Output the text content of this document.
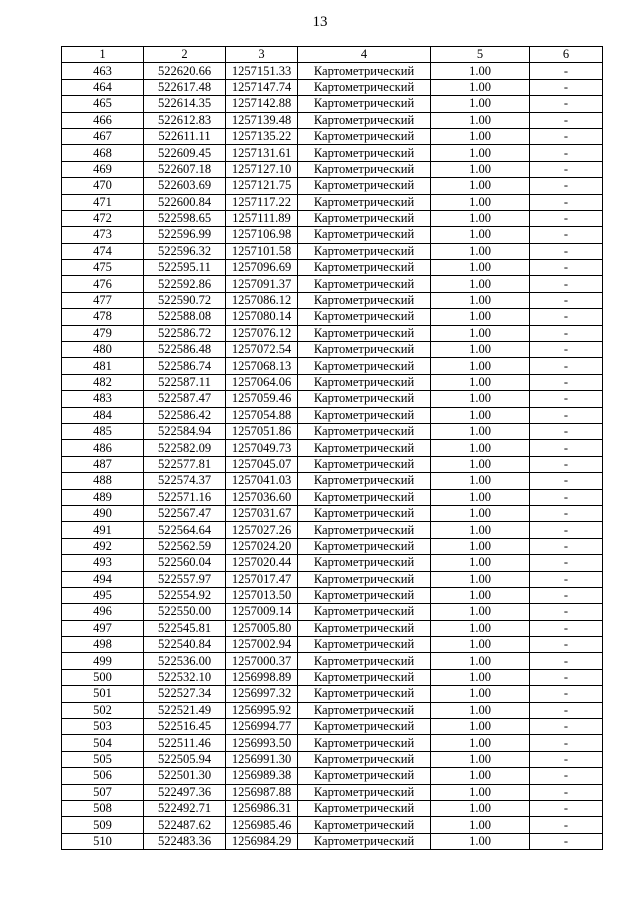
13
1	2	3	4	5	6
463	522620.66	1257151.33	Картометрический	1.00	-
464	522617.48	1257147.74	Картометрический	1.00	-
465	522614.35	1257142.88	Картометрический	1.00	-
466	522612.83	1257139.48	Картометрический	1.00	-
467	522611.11	1257135.22	Картометрический	1.00	-
468	522609.45	1257131.61	Картометрический	1.00	-
469	522607.18	1257127.10	Картометрический	1.00	-
470	522603.69	1257121.75	Картометрический	1.00	-
471	522600.84	1257117.22	Картометрический	1.00	-
472	522598.65	1257111.89	Картометрический	1.00	-
473	522596.99	1257106.98	Картометрический	1.00	-
474	522596.32	1257101.58	Картометрический	1.00	-
475	522595.11	1257096.69	Картометрический	1.00	-
476	522592.86	1257091.37	Картометрический	1.00	-
477	522590.72	1257086.12	Картометрический	1.00	-
478	522588.08	1257080.14	Картометрический	1.00	-
479	522586.72	1257076.12	Картометрический	1.00	-
480	522586.48	1257072.54	Картометрический	1.00	-
481	522586.74	1257068.13	Картометрический	1.00	-
482	522587.11	1257064.06	Картометрический	1.00	-
483	522587.47	1257059.46	Картометрический	1.00	-
484	522586.42	1257054.88	Картометрический	1.00	-
485	522584.94	1257051.86	Картометрический	1.00	-
486	522582.09	1257049.73	Картометрический	1.00	-
487	522577.81	1257045.07	Картометрический	1.00	-
488	522574.37	1257041.03	Картометрический	1.00	-
489	522571.16	1257036.60	Картометрический	1.00	-
490	522567.47	1257031.67	Картометрический	1.00	-
491	522564.64	1257027.26	Картометрический	1.00	-
492	522562.59	1257024.20	Картометрический	1.00	-
493	522560.04	1257020.44	Картометрический	1.00	-
494	522557.97	1257017.47	Картометрический	1.00	-
495	522554.92	1257013.50	Картометрический	1.00	-
496	522550.00	1257009.14	Картометрический	1.00	-
497	522545.81	1257005.80	Картометрический	1.00	-
498	522540.84	1257002.94	Картометрический	1.00	-
499	522536.00	1257000.37	Картометрический	1.00	-
500	522532.10	1256998.89	Картометрический	1.00	-
501	522527.34	1256997.32	Картометрический	1.00	-
502	522521.49	1256995.92	Картометрический	1.00	-
503	522516.45	1256994.77	Картометрический	1.00	-
504	522511.46	1256993.50	Картометрический	1.00	-
505	522505.94	1256991.30	Картометрический	1.00	-
506	522501.30	1256989.38	Картометрический	1.00	-
507	522497.36	1256987.88	Картометрический	1.00	-
508	522492.71	1256986.31	Картометрический	1.00	-
509	522487.62	1256985.46	Картометрический	1.00	-
510	522483.36	1256984.29	Картометрический	1.00	-
